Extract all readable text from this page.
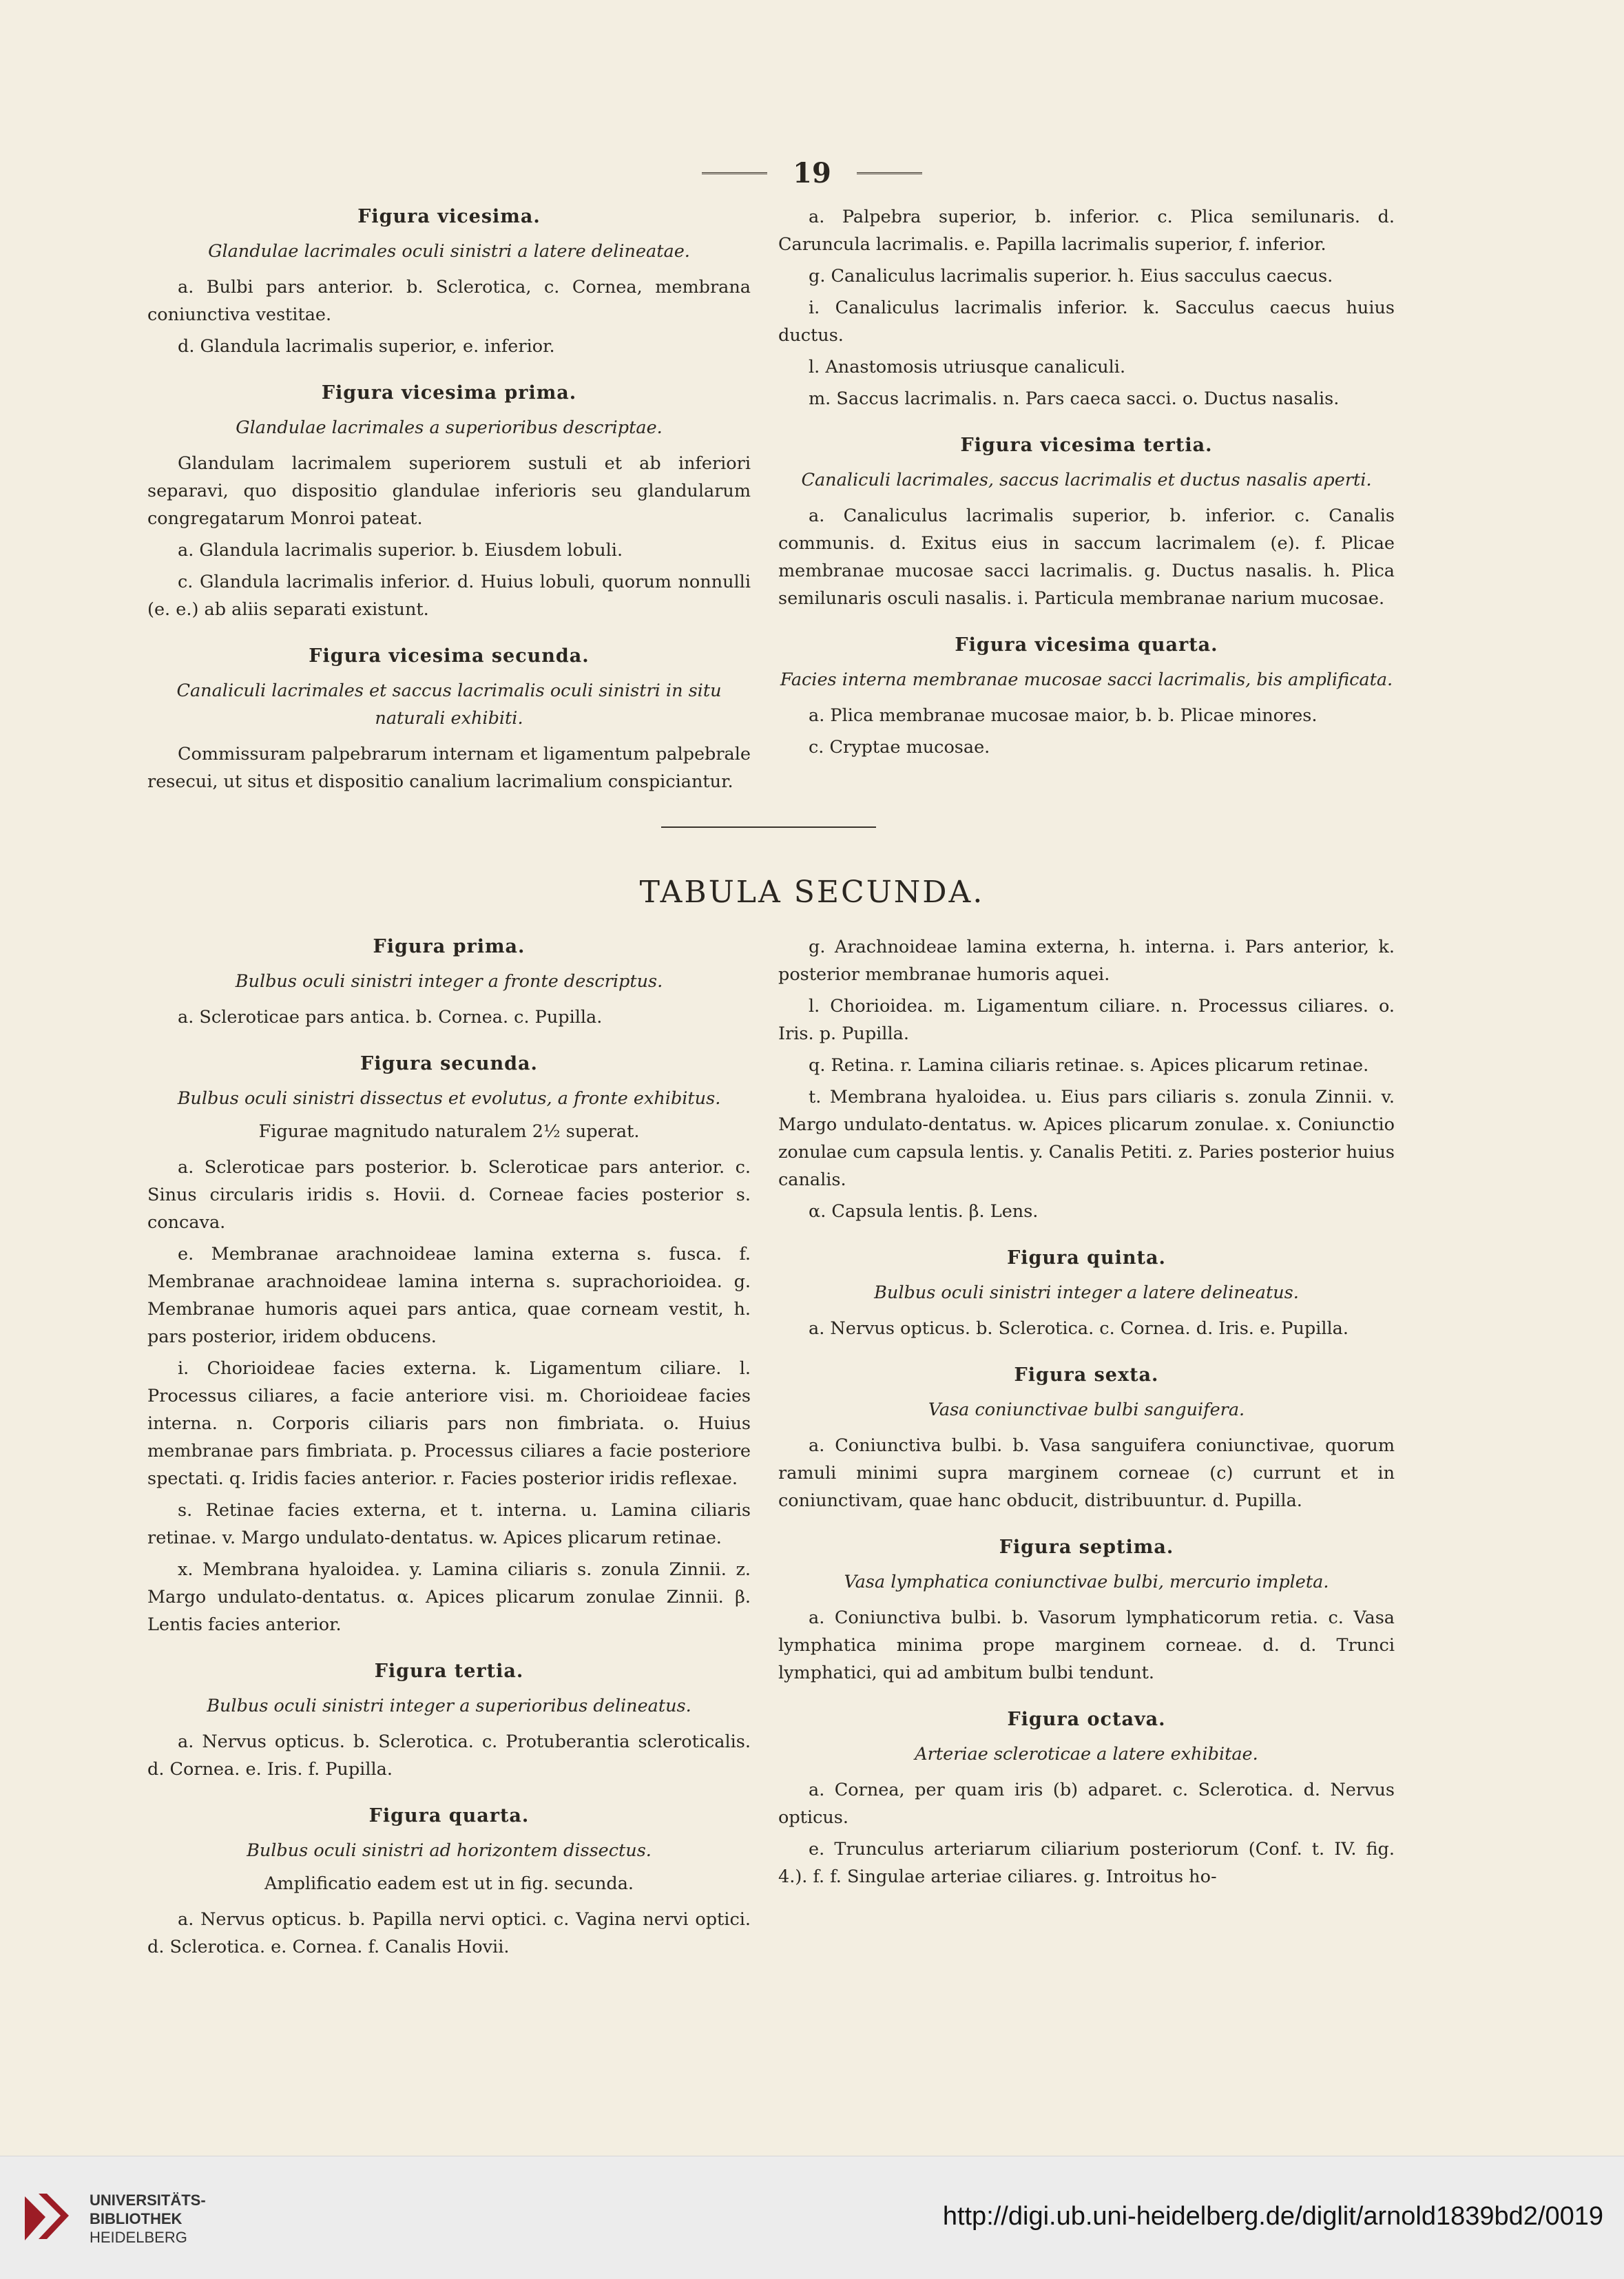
19
Figura vicesima.
Glandulae lacrimales oculi sinistri a latere delineatae.

a. Bulbi pars anterior. b. Sclerotica, c. Cornea, membrana coniunctiva vestitae.

d. Glandula lacrimalis superior, e. inferior.

Figura vicesima prima.
Glandulae lacrimales a superioribus descriptae.

Glandulam lacrimalem superiorem sustuli et ab inferiori separavi, quo dispositio glandulae inferioris seu glandularum congregatarum Monroi pateat.

a. Glandula lacrimalis superior. b. Eiusdem lobuli.

c. Glandula lacrimalis inferior. d. Huius lobuli, quorum nonnulli (e. e.) ab aliis separati existunt.

Figura vicesima secunda.
Canaliculi lacrimales et saccus lacrimalis oculi sinistri in situ naturali exhibiti.

Commissuram palpebrarum internam et ligamentum palpebrale resecui, ut situs et dispositio canalium lacrimalium conspiciantur.

a. Palpebra superior, b. inferior. c. Plica semilunaris. d. Caruncula lacrimalis. e. Papilla lacrimalis superior, f. inferior.

g. Canaliculus lacrimalis superior. h. Eius sacculus caecus.

i. Canaliculus lacrimalis inferior. k. Sacculus caecus huius ductus.

l. Anastomosis utriusque canaliculi.

m. Saccus lacrimalis. n. Pars caeca sacci. o. Ductus nasalis.

Figura vicesima tertia.
Canaliculi lacrimales, saccus lacrimalis et ductus nasalis aperti.

a. Canaliculus lacrimalis superior, b. inferior. c. Canalis communis. d. Exitus eius in saccum lacrimalem (e). f. Plicae membranae mucosae sacci lacrimalis. g. Ductus nasalis. h. Plica semilunaris osculi nasalis. i. Particula membranae narium mucosae.

Figura vicesima quarta.
Facies interna membranae mucosae sacci lacrimalis, bis amplificata.

a. Plica membranae mucosae maior, b. b. Plicae minores.

c. Cryptae mucosae.

TABULA SECUNDA.
Figura prima.
Bulbus oculi sinistri integer a fronte descriptus.

a. Scleroticae pars antica. b. Cornea. c. Pupilla.

Figura secunda.
Bulbus oculi sinistri dissectus et evolutus, a fronte exhibitus.
Figurae magnitudo naturalem 2½ superat.

a. Scleroticae pars posterior. b. Scleroticae pars anterior. c. Sinus circularis iridis s. Hovii. d. Corneae facies posterior s. concava.

e. Membranae arachnoideae lamina externa s. fusca. f. Membranae arachnoideae lamina interna s. suprachorioidea. g. Membranae humoris aquei pars antica, quae corneam vestit, h. pars posterior, iridem obducens.

i. Chorioideae facies externa. k. Ligamentum ciliare. l. Processus ciliares, a facie anteriore visi. m. Chorioideae facies interna. n. Corporis ciliaris pars non fimbriata. o. Huius membranae pars fimbriata. p. Processus ciliares a facie posteriore spectati. q. Iridis facies anterior. r. Facies posterior iridis reflexae.

s. Retinae facies externa, et t. interna. u. Lamina ciliaris retinae. v. Margo undulato-dentatus. w. Apices plicarum retinae.

x. Membrana hyaloidea. y. Lamina ciliaris s. zonula Zinnii. z. Margo undulato-dentatus. α. Apices plicarum zonulae Zinnii. β. Lentis facies anterior.

Figura tertia.
Bulbus oculi sinistri integer a superioribus delineatus.

a. Nervus opticus. b. Sclerotica. c. Protuberantia scleroticalis. d. Cornea. e. Iris. f. Pupilla.

Figura quarta.
Bulbus oculi sinistri ad horizontem dissectus.
Amplificatio eadem est ut in fig. secunda.

a. Nervus opticus. b. Papilla nervi optici. c. Vagina nervi optici. d. Sclerotica. e. Cornea. f. Canalis Hovii.

g. Arachnoideae lamina externa, h. interna. i. Pars anterior, k. posterior membranae humoris aquei.

l. Chorioidea. m. Ligamentum ciliare. n. Processus ciliares. o. Iris. p. Pupilla.

q. Retina. r. Lamina ciliaris retinae. s. Apices plicarum retinae.

t. Membrana hyaloidea. u. Eius pars ciliaris s. zonula Zinnii. v. Margo undulato-dentatus. w. Apices plicarum zonulae. x. Coniunctio zonulae cum capsula lentis. y. Canalis Petiti. z. Paries posterior huius canalis.

α. Capsula lentis. β. Lens.

Figura quinta.
Bulbus oculi sinistri integer a latere delineatus.

a. Nervus opticus. b. Sclerotica. c. Cornea. d. Iris. e. Pupilla.

Figura sexta.
Vasa coniunctivae bulbi sanguifera.

a. Coniunctiva bulbi. b. Vasa sanguifera coniunctivae, quorum ramuli minimi supra marginem corneae (c) currunt et in coniunctivam, quae hanc obducit, distribuuntur. d. Pupilla.

Figura septima.
Vasa lymphatica coniunctivae bulbi, mercurio impleta.

a. Coniunctiva bulbi. b. Vasorum lymphaticorum retia. c. Vasa lymphatica minima prope marginem corneae. d. d. Trunci lymphatici, qui ad ambitum bulbi tendunt.

Figura octava.
Arteriae scleroticae a latere exhibitae.

a. Cornea, per quam iris (b) adparet. c. Sclerotica. d. Nervus opticus.

e. Trunculus arteriarum ciliarium posteriorum (Conf. t. IV. fig. 4.). f. f. Singulae arteriae ciliares. g. Introitus ho-

UNIVERSITÄTS-
BIBLIOTHEK
HEIDELBERG
http://digi.ub.uni-heidelberg.de/diglit/arnold1839bd2/0019
